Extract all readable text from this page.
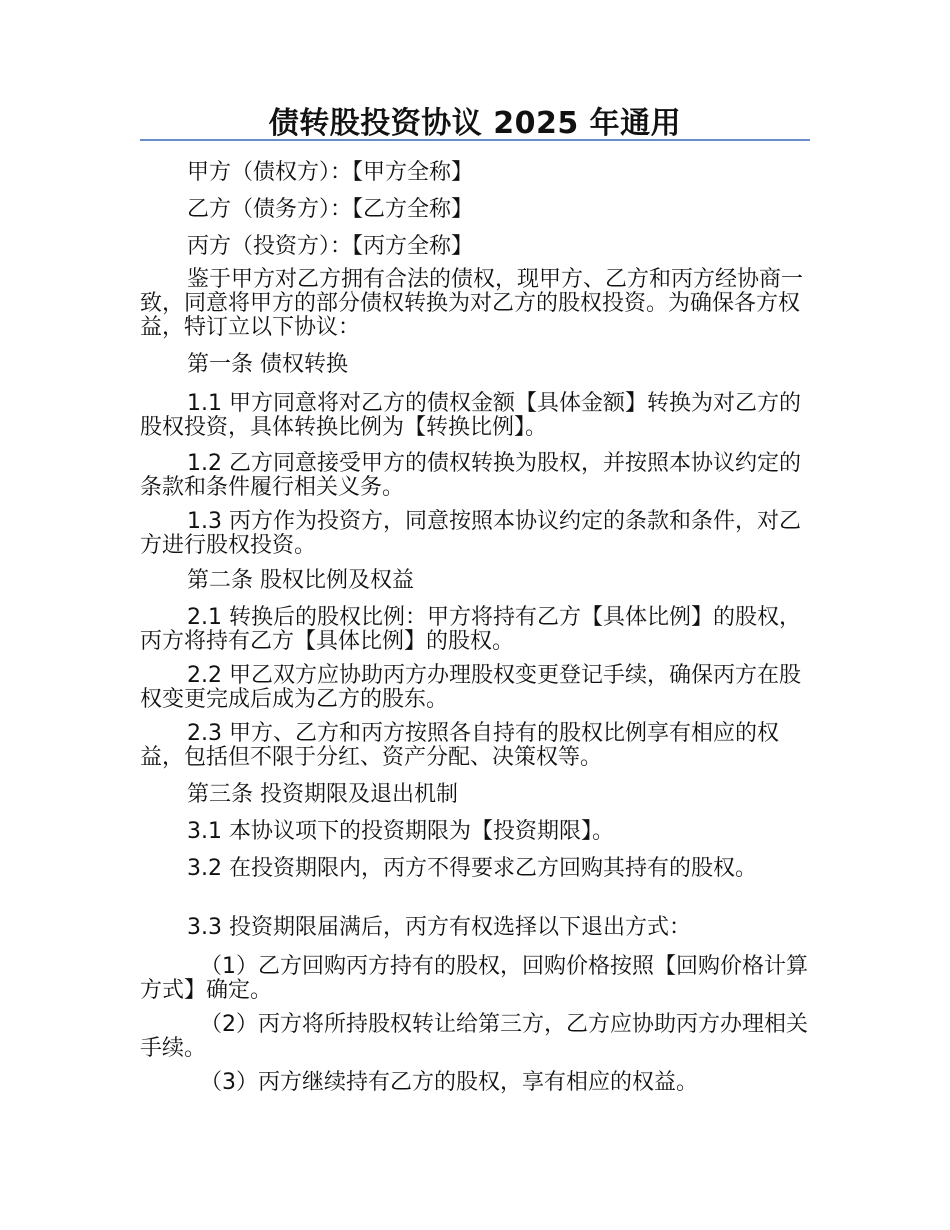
债转股投资协议 2025 年通用

甲方（债权方）：【甲方全称】

乙方（债务方）：【乙方全称】

丙方（投资方）：【丙方全称】

鉴于甲方对乙方拥有合法的债权，现甲方、乙方和丙方经协商一致，同意将甲方的部分债权转换为对乙方的股权投资。为确保各方权益，特订立以下协议：

第一条 债权转换

1.1 甲方同意将对乙方的债权金额【具体金额】转换为对乙方的股权投资，具体转换比例为【转换比例】。

1.2 乙方同意接受甲方的债权转换为股权，并按照本协议约定的条款和条件履行相关义务。

1.3 丙方作为投资方，同意按照本协议约定的条款和条件，对乙方进行股权投资。

第二条 股权比例及权益

2.1 转换后的股权比例：甲方将持有乙方【具体比例】的股权，丙方将持有乙方【具体比例】的股权。

2.2 甲乙双方应协助丙方办理股权变更登记手续，确保丙方在股权变更完成后成为乙方的股东。

2.3 甲方、乙方和丙方按照各自持有的股权比例享有相应的权益，包括但不限于分红、资产分配、决策权等。

第三条 投资期限及退出机制

3.1 本协议项下的投资期限为【投资期限】。

3.2 在投资期限内，丙方不得要求乙方回购其持有的股权。

3.3 投资期限届满后，丙方有权选择以下退出方式：

（1）乙方回购丙方持有的股权，回购价格按照【回购价格计算方式】确定。

（2）丙方将所持股权转让给第三方，乙方应协助丙方办理相关手续。

（3）丙方继续持有乙方的股权，享有相应的权益。
